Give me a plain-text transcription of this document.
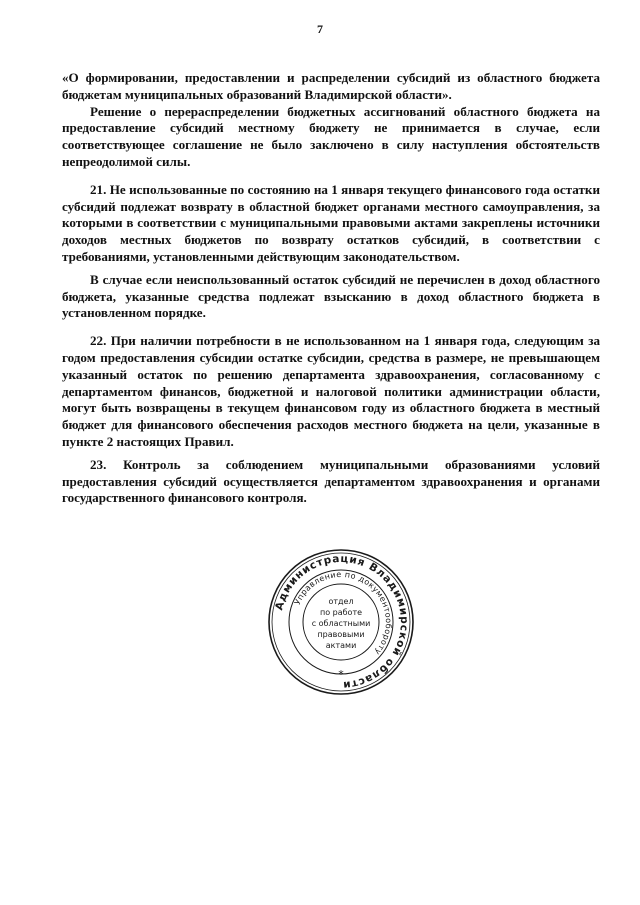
7

«О формировании, предоставлении и распределении субсидий из областного бюджета бюджетам муниципальных образований Владимирской области».

Решение о перераспределении бюджетных ассигнований областного бюджета на предоставление субсидий местному бюджету не принимается в случае, если соответствующее соглашение не было заключено в силу наступления обстоятельств непреодолимой силы.

21. Не использованные по состоянию на 1 января текущего финансового года остатки субсидий подлежат возврату в областной бюджет органами местного самоуправления, за которыми в соответствии с муниципальными правовыми актами закреплены источники доходов местных бюджетов по возврату остатков субсидий, в соответствии с требованиями, установленными действующим законодательством.

В случае если неиспользованный остаток субсидий не перечислен в доход областного бюджета, указанные средства подлежат взысканию в доход областного бюджета в установленном порядке.

22. При наличии потребности в не использованном на 1 января года, следующим за годом предоставления субсидии остатке субсидии, средства в размере, не превышающем указанный остаток по решению департамента здравоохранения, согласованному с департаментом финансов, бюджетной и налоговой политики администрации области, могут быть возвращены в текущем финансовом году из областного бюджета в местный бюджет для финансового обеспечения расходов местного бюджета на цели, указанные в пункте 2 настоящих Правил.

23. Контроль за соблюдением муниципальными образованиями условий предоставления субсидий осуществляется департаментом здравоохранения и органами государственного финансового контроля.

Администрация Владимирской области
Управление по документообороту
*
отдел
по работе
с областными
правовыми
актами
